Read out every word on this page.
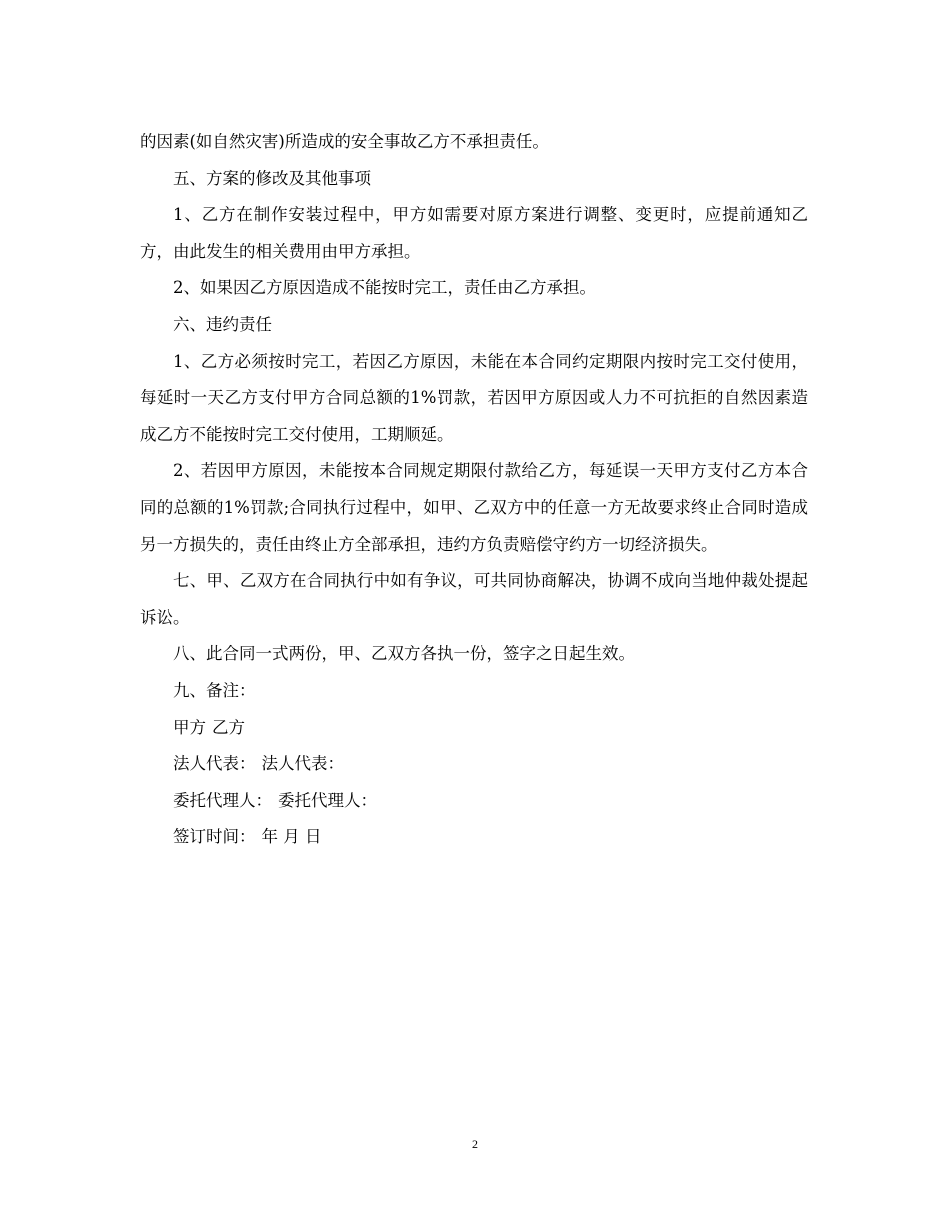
的因素(如自然灾害)所造成的安全事故乙方不承担责任。

五、方案的修改及其他事项

1、乙方在制作安装过程中，甲方如需要对原方案进行调整、变更时，应提前通知乙方，由此发生的相关费用由甲方承担。

2、如果因乙方原因造成不能按时完工，责任由乙方承担。

六、违约责任

1、乙方必须按时完工，若因乙方原因，未能在本合同约定期限内按时完工交付使用，每延时一天乙方支付甲方合同总额的1%罚款，若因甲方原因或人力不可抗拒的自然因素造成乙方不能按时完工交付使用，工期顺延。

2、若因甲方原因，未能按本合同规定期限付款给乙方，每延误一天甲方支付乙方本合同的总额的1%罚款;合同执行过程中，如甲、乙双方中的任意一方无故要求终止合同时造成另一方损失的，责任由终止方全部承担，违约方负责赔偿守约方一切经济损失。

七、甲、乙双方在合同执行中如有争议，可共同协商解决，协调不成向当地仲裁处提起诉讼。

八、此合同一式两份，甲、乙双方各执一份，签字之日起生效。

九、备注：

甲方 乙方

法人代表： 法人代表：

委托代理人： 委托代理人：

签订时间： 年 月 日

2
